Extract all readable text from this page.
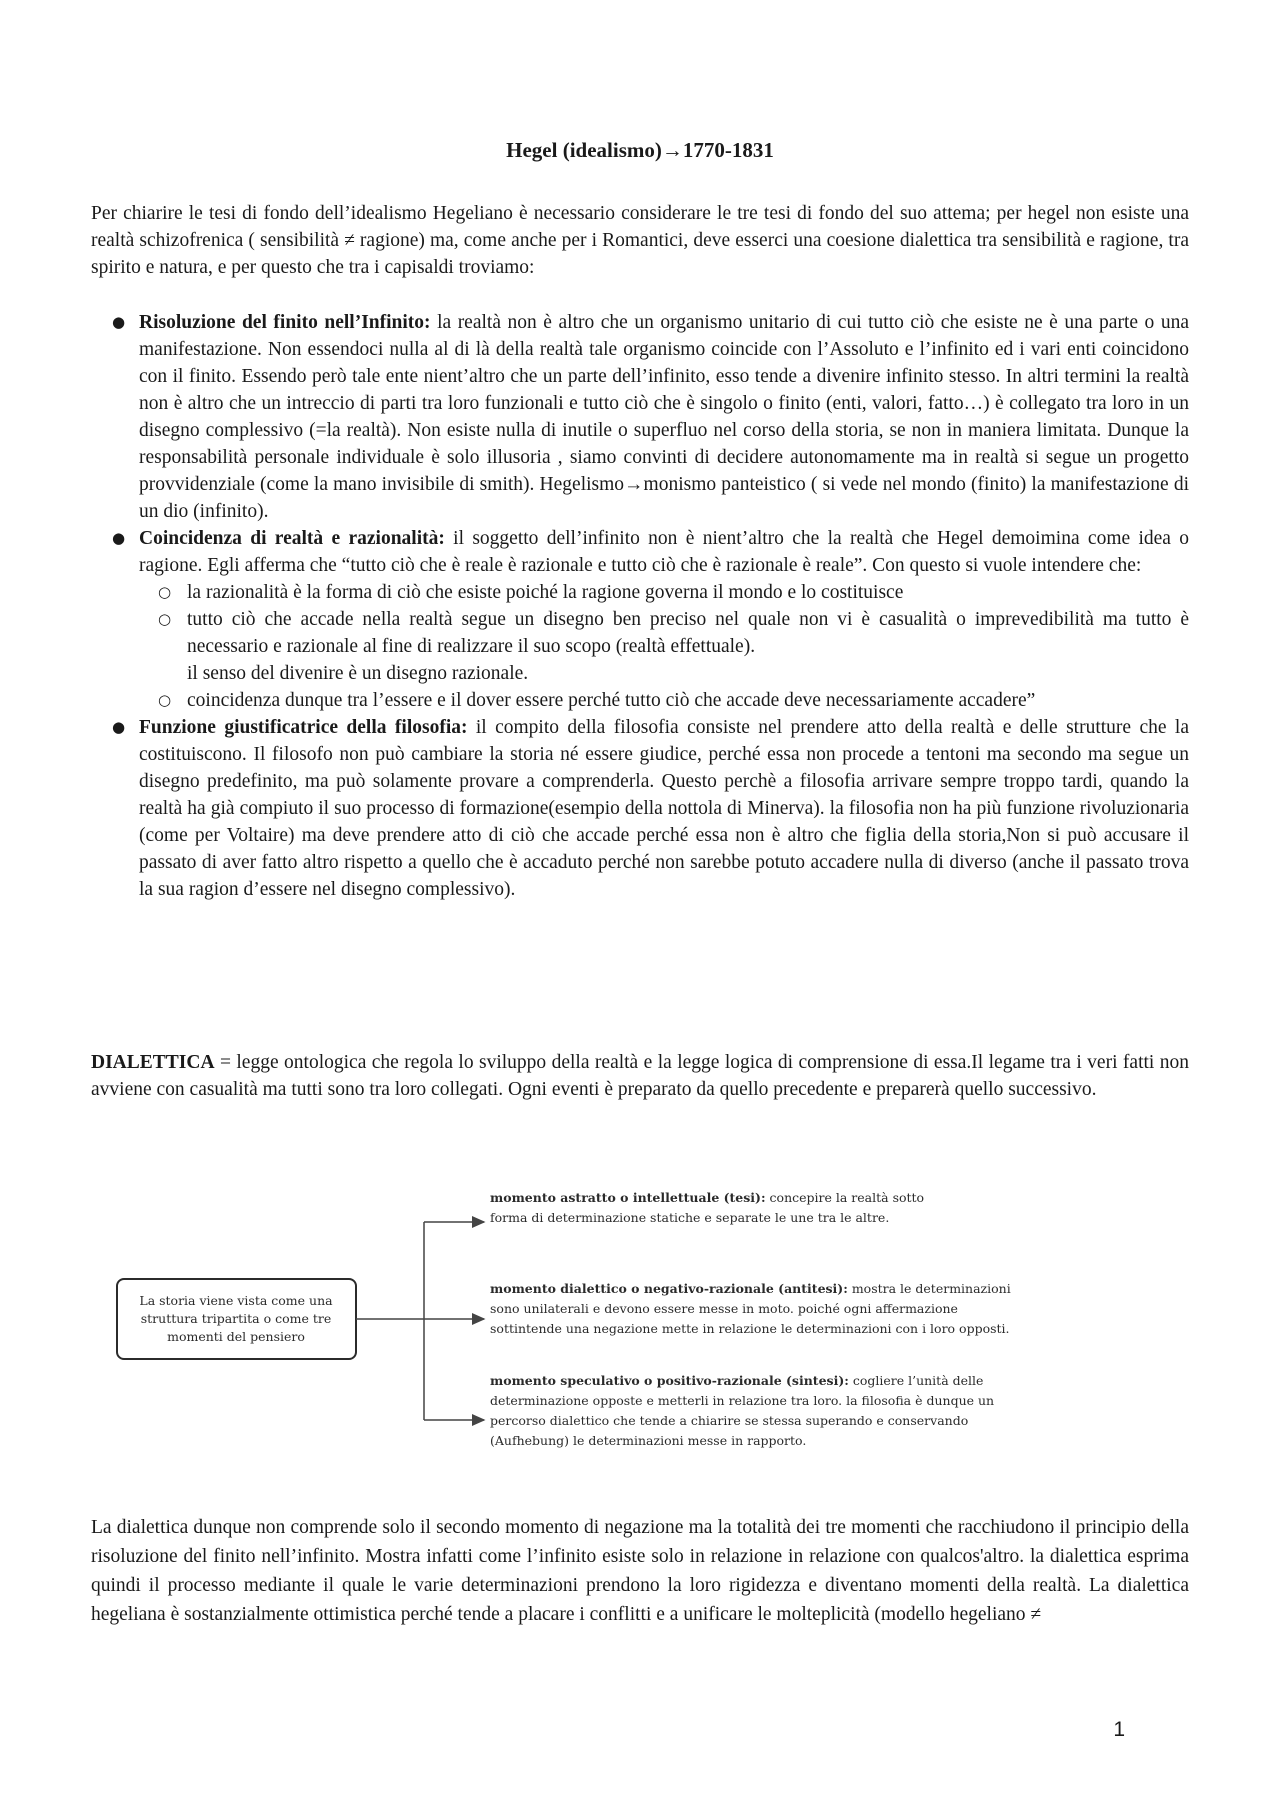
Hegel (idealismo)→1770-1831
Per chiarire le tesi di fondo dell’idealismo Hegeliano è necessario considerare le tre tesi di fondo del suo attema; per hegel non esiste una realtà schizofrenica ( sensibilità ≠ ragione) ma, come anche per i Romantici, deve esserci una coesione dialettica tra sensibilità e ragione, tra spirito e natura, e per questo che tra i capisaldi troviamo:
● Risoluzione del finito nell’Infinito: la realtà non è altro che un organismo unitario di cui tutto ciò che esiste ne è una parte o una manifestazione. Non essendoci nulla al di là della realtà tale organismo coincide con l’Assoluto e l’infinito ed i vari enti coincidono con il finito. Essendo però tale ente nient’altro che un parte dell’infinito, esso tende a divenire infinito stesso. In altri termini la realtà non è altro che un intreccio di parti tra loro funzionali e tutto ciò che è singolo o finito (enti, valori, fatto…) è collegato tra loro in un disegno complessivo (=la realtà). Non esiste nulla di inutile o superfluo nel corso della storia, se non in maniera limitata. Dunque la responsabilità personale individuale è solo illusoria , siamo convinti di decidere autonomamente ma in realtà si segue un progetto provvidenziale (come la mano invisibile di smith). Hegelismo→monismo panteistico ( si vede nel mondo (finito) la manifestazione di un dio (infinito).
● Coincidenza di realtà e razionalità: il soggetto dell’infinito non è nient’altro che la realtà che Hegel demoimina come idea o ragione. Egli afferma che “tutto ciò che è reale è razionale e tutto ciò che è razionale è reale”. Con questo si vuole intendere che:
○ la razionalità è la forma di ciò che esiste poiché la ragione governa il mondo e lo costituisce
○ tutto ciò che accade nella realtà segue un disegno ben preciso nel quale non vi è casualità o imprevedibilità ma tutto è necessario e razionale al fine di realizzare il suo scopo (realtà effettuale).
il senso del divenire è un disegno razionale.
○ coincidenza dunque tra l’essere e il dover essere perché tutto ciò che accade deve necessariamente accadere”
● Funzione giustificatrice della filosofia: il compito della filosofia consiste nel prendere atto della realtà e delle strutture che la costituiscono. Il filosofo non può cambiare la storia né essere giudice, perché essa non procede a tentoni ma secondo ma segue un disegno predefinito, ma può solamente provare a comprenderla. Questo perchè a filosofia arrivare sempre troppo tardi, quando la realtà ha già compiuto il suo processo di formazione(esempio della nottola di Minerva). la filosofia non ha più funzione rivoluzionaria (come per Voltaire) ma deve prendere atto di ciò che accade perché essa non è altro che figlia della storia,Non si può accusare il passato di aver fatto altro rispetto a quello che è accaduto perché non sarebbe potuto accadere nulla di diverso (anche il passato trova la sua ragion d’essere nel disegno complessivo).
DIALETTICA = legge ontologica che regola lo sviluppo della realtà e la legge logica di comprensione di essa.Il legame tra i veri fatti non avviene con casualità ma tutti sono tra loro collegati. Ogni eventi è preparato da quello precedente e preparerà quello successivo.
La storia viene vista come una
struttura tripartita o come tre
momenti del pensiero
momento astratto o intellettuale (tesi): concepire la realtà sotto
forma di determinazione statiche e separate le une tra le altre.
momento dialettico o negativo-razionale (antitesi): mostra le determinazioni
sono unilaterali e devono essere messe in moto. poiché ogni affermazione
sottintende una negazione mette in relazione le determinazioni con i loro opposti.
momento speculativo o positivo-razionale (sintesi): cogliere l’unità delle
determinazione opposte e metterli in relazione tra loro. la filosofia è dunque un
percorso dialettico che tende a chiarire se stessa superando e conservando
(Aufhebung) le determinazioni messe in rapporto.
La dialettica dunque non comprende solo il secondo momento di negazione ma la totalità dei tre momenti che racchiudono il principio della risoluzione del finito nell’infinito. Mostra infatti come l’infinito esiste solo in relazione in relazione con qualcos'altro. la dialettica esprima quindi il processo mediante il quale le varie determinazioni prendono la loro rigidezza e diventano momenti della realtà. La dialettica hegeliana è sostanzialmente ottimistica perché tende a placare i conflitti e a unificare le molteplicità (modello hegeliano ≠
1
